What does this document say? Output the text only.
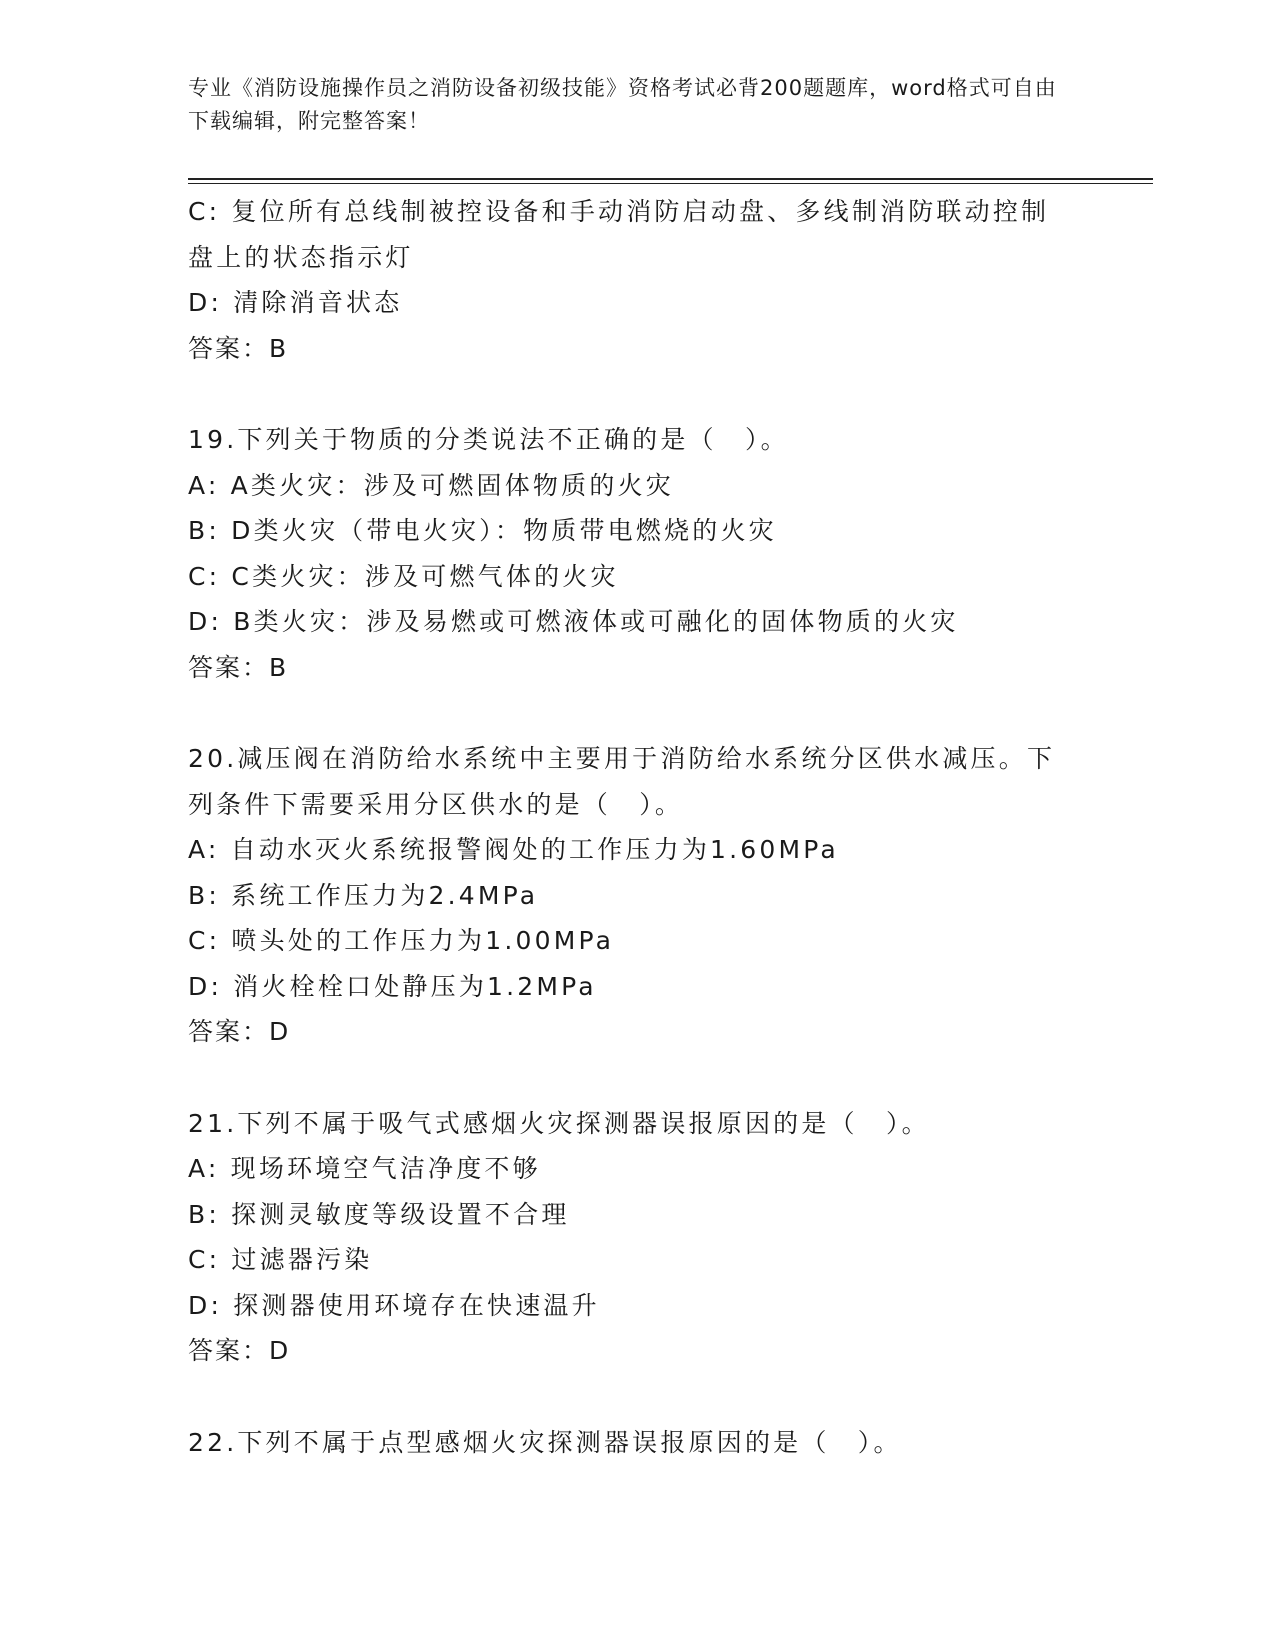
专业《消防设施操作员之消防设备初级技能》资格考试必背200题题库，word格式可自由下载编辑，附完整答案！
C: 复位所有总线制被控设备和手动消防启动盘、多线制消防联动控制
盘上的状态指示灯
D: 清除消音状态
答案：B
19.下列关于物质的分类说法不正确的是（　）。
A: A类火灾：涉及可燃固体物质的火灾
B: D类火灾（带电火灾）：物质带电燃烧的火灾
C: C类火灾：涉及可燃气体的火灾
D: B类火灾：涉及易燃或可燃液体或可融化的固体物质的火灾
答案：B
20.减压阀在消防给水系统中主要用于消防给水系统分区供水减压。下
列条件下需要采用分区供水的是（　）。
A: 自动水灭火系统报警阀处的工作压力为1.60MPa
B: 系统工作压力为2.4MPa
C: 喷头处的工作压力为1.00MPa
D: 消火栓栓口处静压为1.2MPa
答案：D
21.下列不属于吸气式感烟火灾探测器误报原因的是（　）。
A: 现场环境空气洁净度不够
B: 探测灵敏度等级设置不合理
C: 过滤器污染
D: 探测器使用环境存在快速温升
答案：D
22.下列不属于点型感烟火灾探测器误报原因的是（　）。
